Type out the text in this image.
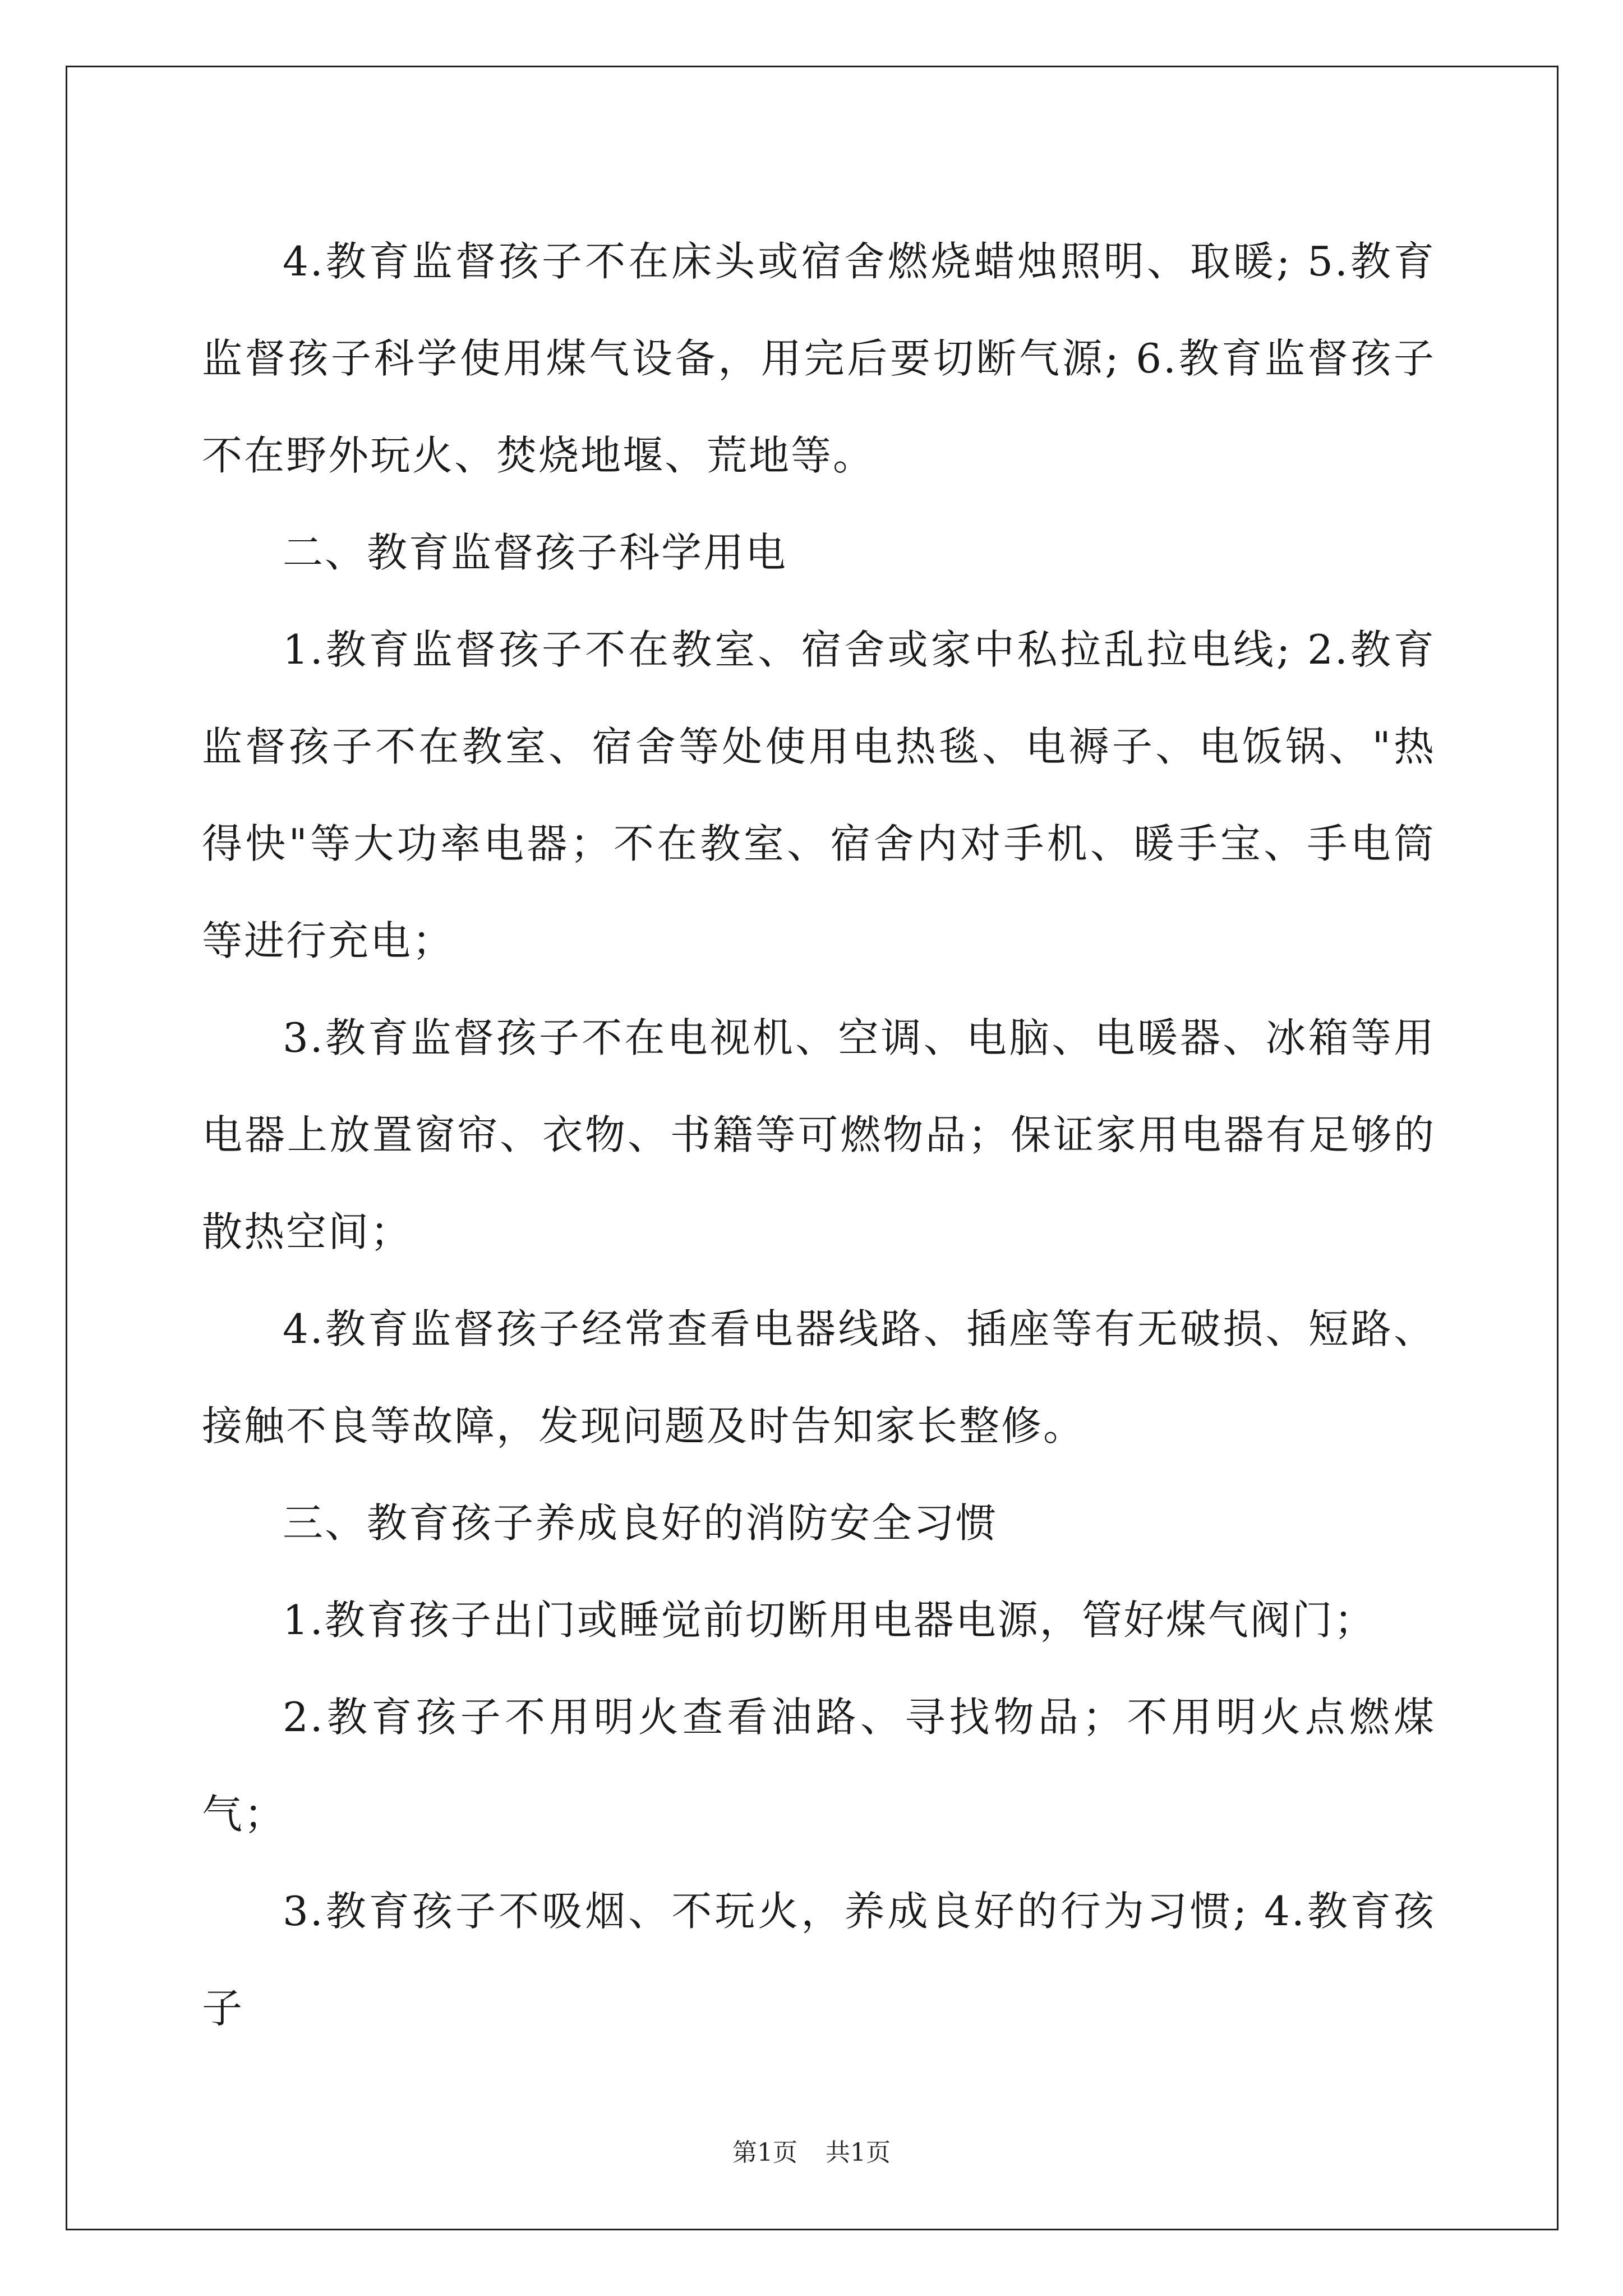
4.教育监督孩子不在床头或宿舍燃烧蜡烛照明、取暖; 5.教育监督孩子科学使用煤气设备，用完后要切断气源; 6.教育监督孩子不在野外玩火、焚烧地堰、荒地等。

二、教育监督孩子科学用电

1.教育监督孩子不在教室、宿舍或家中私拉乱拉电线; 2.教育监督孩子不在教室、宿舍等处使用电热毯、电褥子、电饭锅、"热得快"等大功率电器；不在教室、宿舍内对手机、暖手宝、手电筒等进行充电；

3.教育监督孩子不在电视机、空调、电脑、电暖器、冰箱等用电器上放置窗帘、衣物、书籍等可燃物品；保证家用电器有足够的散热空间；

4.教育监督孩子经常查看电器线路、插座等有无破损、短路、接触不良等故障，发现问题及时告知家长整修。

三、教育孩子养成良好的消防安全习惯

1.教育孩子出门或睡觉前切断用电器电源，管好煤气阀门；

2.教育孩子不用明火查看油路、寻找物品；不用明火点燃煤气；

3.教育孩子不吸烟、不玩火，养成良好的行为习惯; 4.教育孩子

第1页 共1页
